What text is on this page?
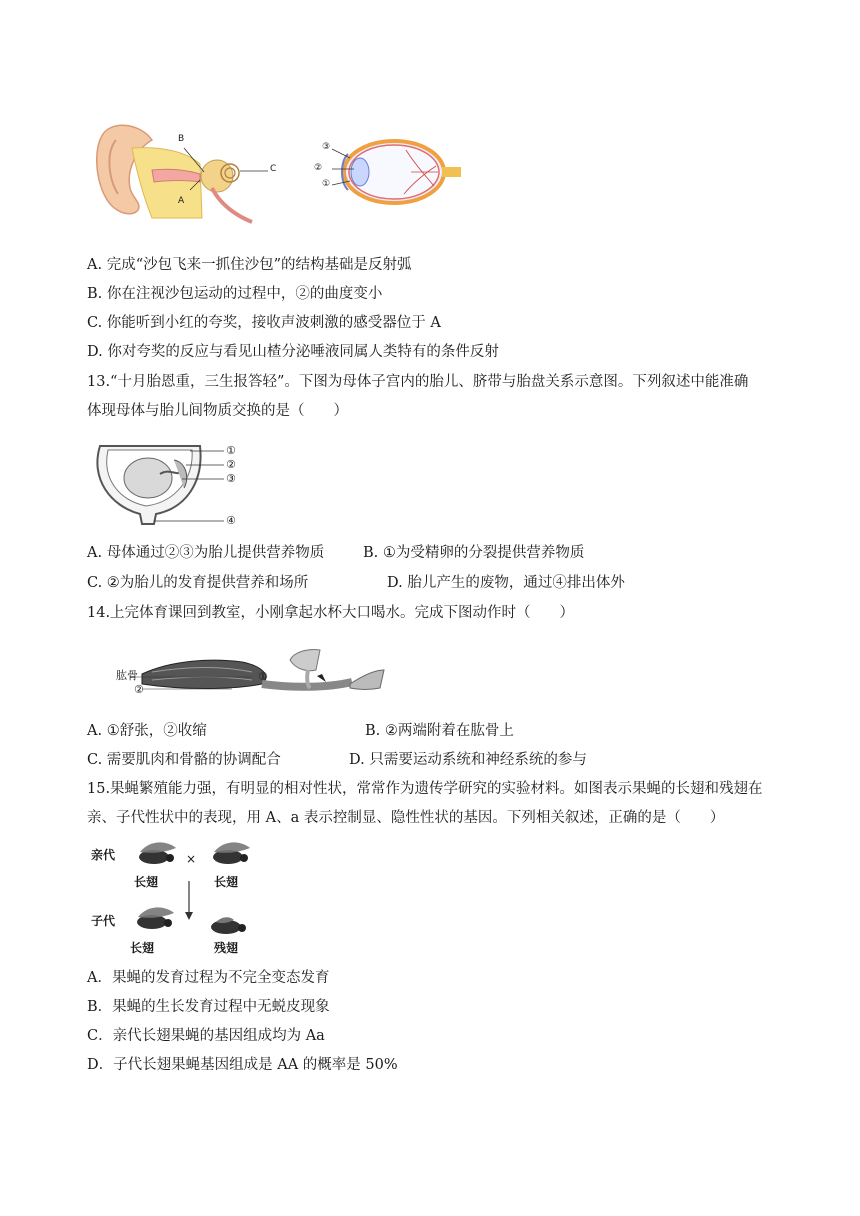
B
C
A
③
②
①
A. 完成“沙包飞来一抓住沙包”的结构基础是反射弧
B. 你在注视沙包运动的过程中，②的曲度变小
C. 你能听到小红的夸奖，接收声波刺激的感受器位于 A
D. 你对夸奖的反应与看见山楂分泌唾液同属人类特有的条件反射
13.“十月胎恩重，三生报答轻”。下图为母体子宫内的胎儿、脐带与胎盘关系示意图。下列叙述中能准确
体现母体与胎儿间物质交换的是（　　）
①
②
③
④
A. 母体通过②③为胎儿提供营养物质	B. ①为受精卵的分裂提供营养物质
C. ②为胎儿的发育提供营养和场所	D. 胎儿产生的废物，通过④排出体外
14.上完体育课回到教室，小刚拿起水杯大口喝水。完成下图动作时（　　）
肱骨	①
②
A. ①舒张，②收缩	B. ②两端附着在肱骨上
C. 需要肌肉和骨骼的协调配合	D. 只需要运动系统和神经系统的参与
15.果蝇繁殖能力强，有明显的相对性状，常常作为遗传学研究的实验材料。如图表示果蝇的长翅和残翅在
亲、子代性状中的表现，用 A、a 表示控制显、隐性性状的基因。下列相关叙述，正确的是（　　）
亲代	×
长翅	长翅
子代
长翅	残翅
A．果蝇的发育过程为不完全变态发育
B．果蝇的生长发育过程中无蜕皮现象
C．亲代长翅果蝇的基因组成均为 Aa
D．子代长翅果蝇基因组成是 AA 的概率是 50%
